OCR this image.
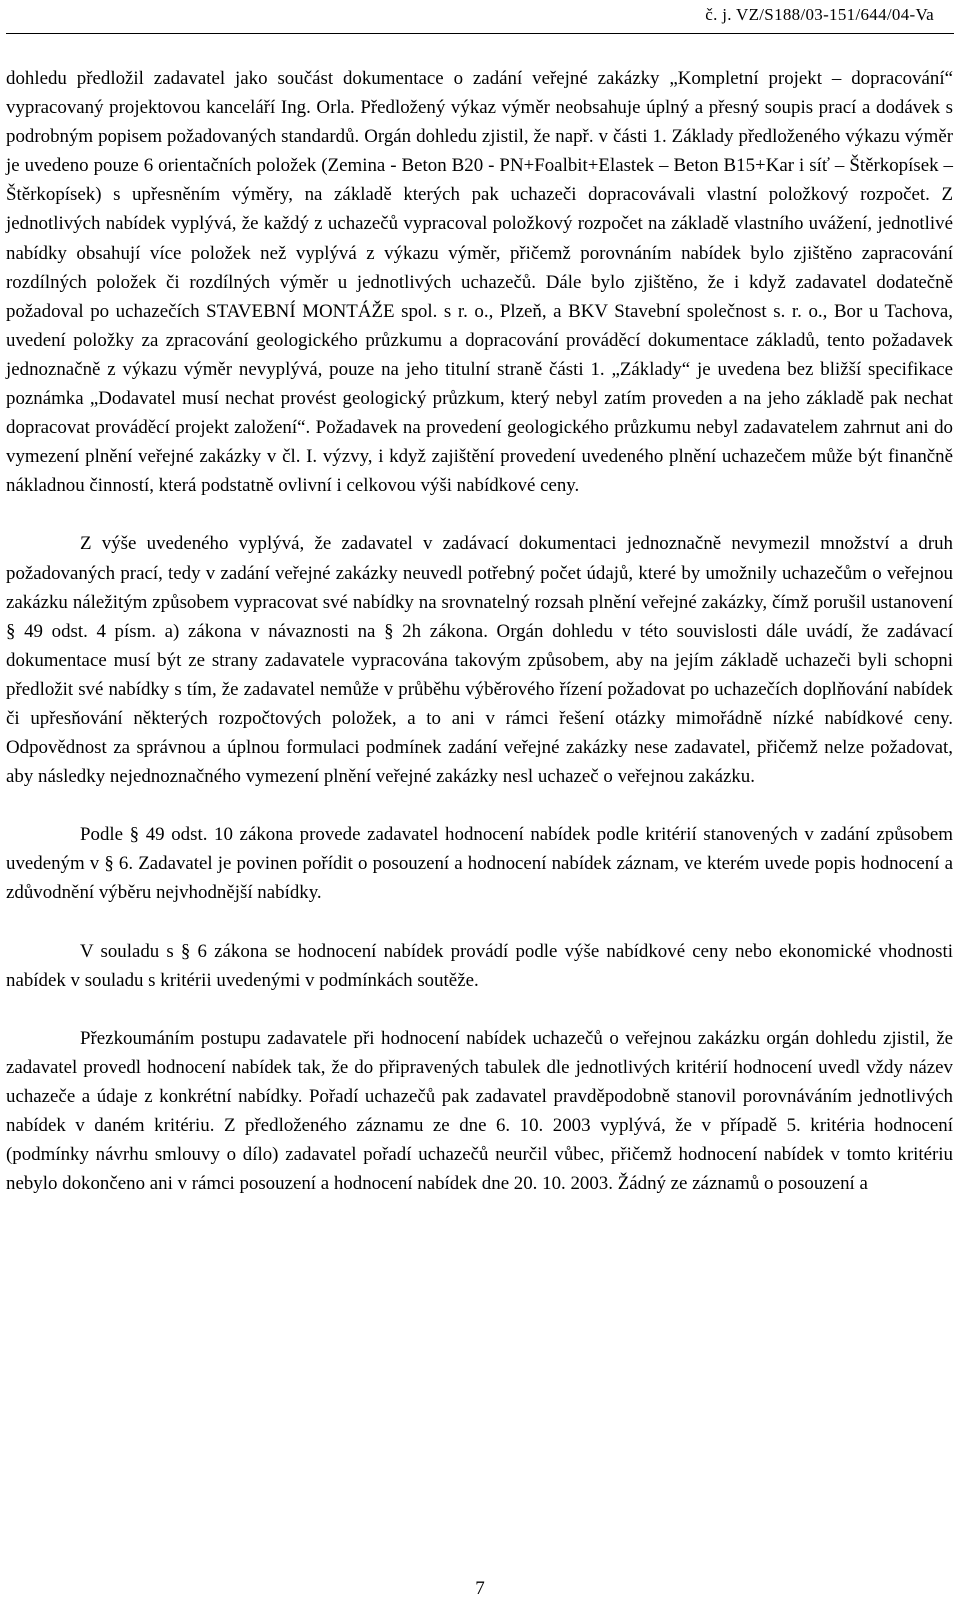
č. j. VZ/S188/03-151/644/04-Va

dohledu předložil zadavatel jako součást dokumentace o zadání veřejné zakázky „Kompletní projekt – dopracování“ vypracovaný projektovou kanceláří Ing. Orla. Předložený výkaz výměr neobsahuje úplný a přesný soupis prací a dodávek s podrobným popisem požadovaných standardů. Orgán dohledu zjistil, že např. v části 1. Základy předloženého výkazu výměr je uvedeno pouze 6 orientačních položek (Zemina - Beton B20 - PN+Foalbit+Elastek – Beton B15+Kar i síť – Štěrkopísek – Štěrkopísek) s upřesněním výměry, na základě kterých pak uchazeči dopracovávali vlastní položkový rozpočet. Z jednotlivých nabídek vyplývá, že každý z uchazečů vypracoval položkový rozpočet na základě vlastního uvážení, jednotlivé nabídky obsahují více položek než vyplývá z výkazu výměr, přičemž porovnáním nabídek bylo zjištěno zapracování rozdílných položek či rozdílných výměr u jednotlivých uchazečů. Dále bylo zjištěno, že i když zadavatel dodatečně požadoval po uchazečích STAVEBNÍ MONTÁŽE spol. s r. o., Plzeň, a BKV Stavební společnost s. r. o., Bor u Tachova, uvedení položky za zpracování geologického průzkumu a dopracování prováděcí dokumentace základů, tento požadavek jednoznačně z výkazu výměr nevyplývá, pouze na jeho titulní straně části 1. „Základy“ je uvedena bez bližší specifikace poznámka „Dodavatel musí nechat provést geologický průzkum, který nebyl zatím proveden a na jeho základě pak nechat dopracovat prováděcí projekt založení“. Požadavek na provedení geologického průzkumu nebyl zadavatelem zahrnut ani do vymezení plnění veřejné zakázky v čl. I. výzvy, i když zajištění provedení uvedeného plnění uchazečem může být finančně nákladnou činností, která podstatně ovlivní i celkovou výši nabídkové ceny.

Z výše uvedeného vyplývá, že zadavatel v zadávací dokumentaci jednoznačně nevymezil množství a druh požadovaných prací, tedy v zadání veřejné zakázky neuvedl potřebný počet údajů, které by umožnily uchazečům o veřejnou zakázku náležitým způsobem vypracovat své nabídky na srovnatelný rozsah plnění veřejné zakázky, čímž porušil ustanovení § 49 odst. 4 písm. a) zákona v návaznosti na § 2h zákona. Orgán dohledu v této souvislosti dále uvádí, že zadávací dokumentace musí být ze strany zadavatele vypracována takovým způsobem, aby na jejím základě uchazeči byli schopni předložit své nabídky s tím, že zadavatel nemůže v průběhu výběrového řízení požadovat po uchazečích doplňování nabídek či upřesňování některých rozpočtových položek, a to ani v rámci řešení otázky mimořádně nízké nabídkové ceny. Odpovědnost za správnou a úplnou formulaci podmínek zadání veřejné zakázky nese zadavatel, přičemž nelze požadovat, aby následky nejednoznačného vymezení plnění veřejné zakázky nesl uchazeč o veřejnou zakázku.

Podle § 49 odst. 10 zákona provede zadavatel hodnocení nabídek podle kritérií stanovených v zadání způsobem uvedeným v § 6. Zadavatel je povinen pořídit o posouzení a hodnocení nabídek záznam, ve kterém uvede popis hodnocení a zdůvodnění výběru nejvhodnější nabídky.

V souladu s § 6 zákona se hodnocení nabídek provádí podle výše nabídkové ceny nebo ekonomické vhodnosti nabídek v souladu s kritérii uvedenými v podmínkách soutěže.

Přezkoumáním postupu zadavatele při hodnocení nabídek uchazečů o veřejnou zakázku orgán dohledu zjistil, že zadavatel provedl hodnocení nabídek tak, že do připravených tabulek dle jednotlivých kritérií hodnocení uvedl vždy název uchazeče a údaje z konkrétní nabídky. Pořadí uchazečů pak zadavatel pravděpodobně stanovil porovnáváním jednotlivých nabídek v daném kritériu. Z předloženého záznamu ze dne 6. 10. 2003 vyplývá, že v případě 5. kritéria hodnocení (podmínky návrhu smlouvy o dílo) zadavatel pořadí uchazečů neurčil vůbec, přičemž hodnocení nabídek v tomto kritériu nebylo dokončeno ani v rámci posouzení a hodnocení nabídek dne 20. 10. 2003. Žádný ze záznamů o posouzení a

7
